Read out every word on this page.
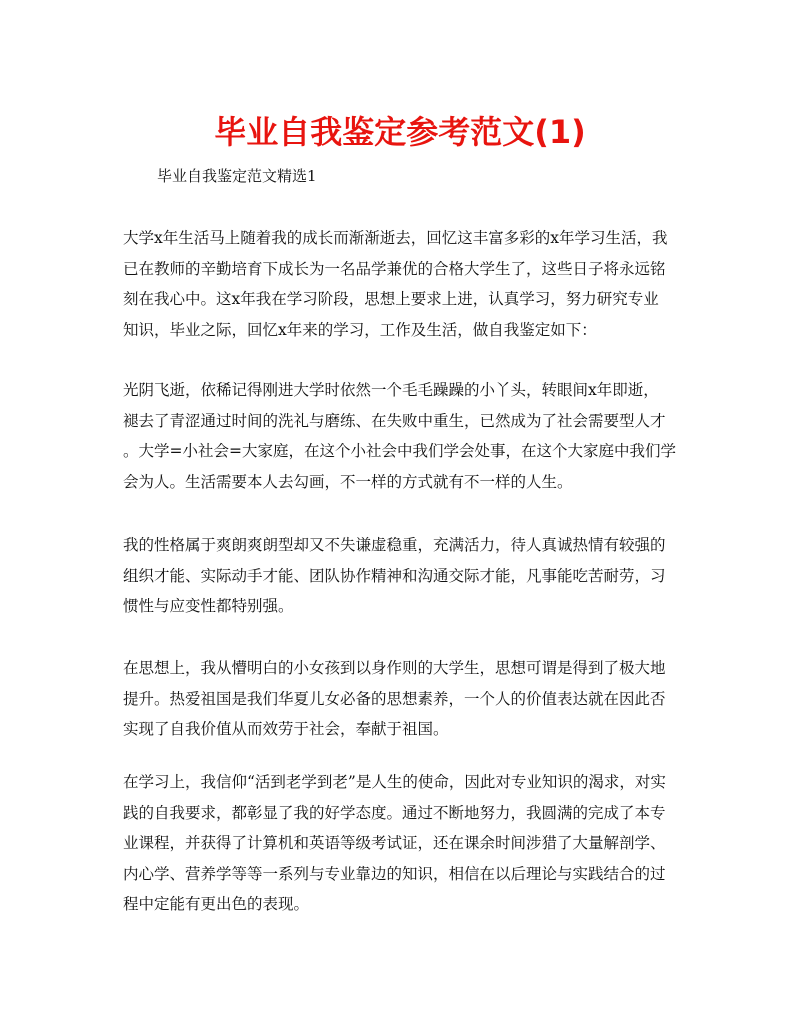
毕业自我鉴定参考范文(1)

毕业自我鉴定范文精选1

大学x年生活马上随着我的成长而渐渐逝去，回忆这丰富多彩的x年学习生活，我
已在教师的辛勤培育下成长为一名品学兼优的合格大学生了，这些日子将永远铭
刻在我心中。这x年我在学习阶段，思想上要求上进，认真学习，努力研究专业
知识，毕业之际，回忆x年来的学习，工作及生活，做自我鉴定如下：

光阴飞逝，依稀记得刚进大学时依然一个毛毛躁躁的小丫头，转眼间x年即逝，
褪去了青涩通过时间的洗礼与磨练、在失败中重生，已然成为了社会需要型人才
。大学=小社会=大家庭，在这个小社会中我们学会处事，在这个大家庭中我们学
会为人。生活需要本人去勾画，不一样的方式就有不一样的人生。

我的性格属于爽朗爽朗型却又不失谦虚稳重，充满活力，待人真诚热情有较强的
组织才能、实际动手才能、团队协作精神和沟通交际才能，凡事能吃苦耐劳，习
惯性与应变性都特别强。

在思想上，我从懵明白的小女孩到以身作则的大学生，思想可谓是得到了极大地
提升。热爱祖国是我们华夏儿女必备的思想素养，一个人的价值表达就在因此否
实现了自我价值从而效劳于社会，奉献于祖国。

在学习上，我信仰“活到老学到老”是人生的使命，因此对专业知识的渴求，对实
践的自我要求，都彰显了我的好学态度。通过不断地努力，我圆满的完成了本专
业课程，并获得了计算机和英语等级考试证，还在课余时间涉猎了大量解剖学、
内心学、营养学等等一系列与专业靠边的知识，相信在以后理论与实践结合的过
程中定能有更出色的表现。
